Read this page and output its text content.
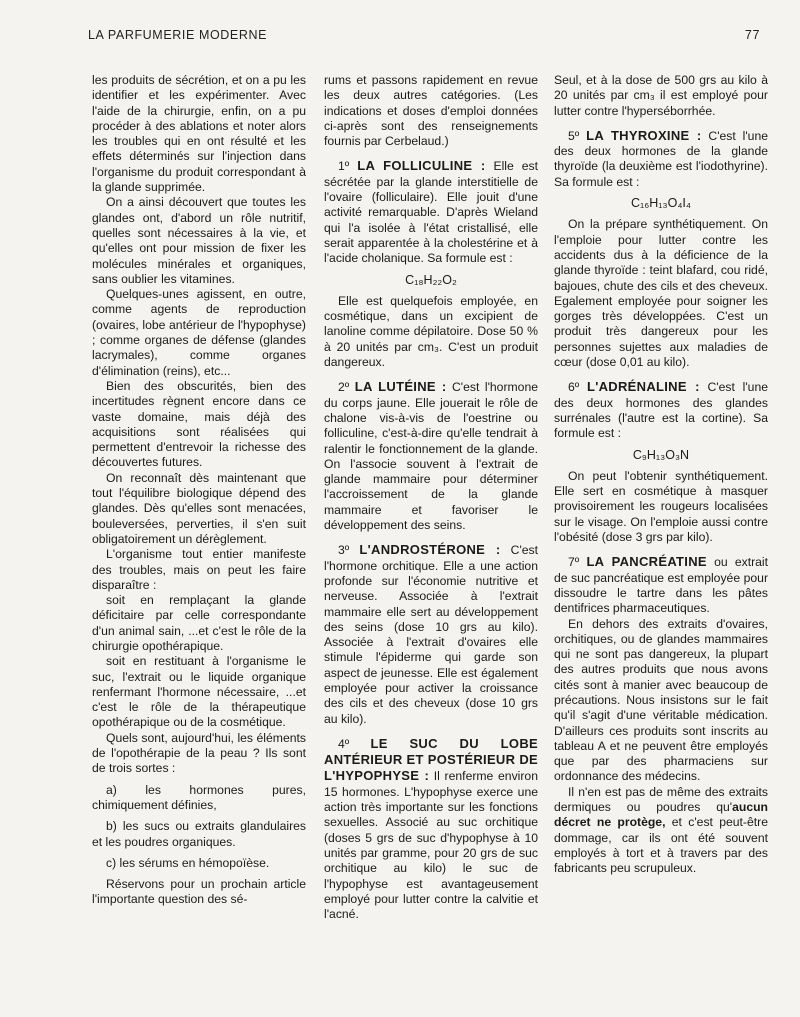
LA PARFUMERIE MODERNE	77

les produits de sécrétion, et on a pu les identifier et les expérimenter. Avec l'aide de la chirurgie, enfin, on a pu procéder à des ablations et noter alors les troubles qui en ont résulté et les effets déterminés sur l'injection dans l'organisme du produit correspondant à la glande supprimée.

On a ainsi découvert que toutes les glandes ont, d'abord un rôle nutritif, quelles sont nécessaires à la vie, et qu'elles ont pour mission de fixer les molécules minérales et organiques, sans oublier les vitamines.

Quelques-unes agissent, en outre, comme agents de reproduction (ovaires, lobe antérieur de l'hypophyse) ; comme organes de défense (glandes lacrymales), comme organes d'élimination (reins), etc...

Bien des obscurités, bien des incertitudes règnent encore dans ce vaste domaine, mais déjà des acquisitions sont réalisées qui permettent d'entrevoir la richesse des découvertes futures.

On reconnaît dès maintenant que tout l'équilibre biologique dépend des glandes. Dès qu'elles sont menacées, bouleversées, perverties, il s'en suit obligatoirement un dérèglement.

L'organisme tout entier manifeste des troubles, mais on peut les faire disparaître :

soit en remplaçant la glande déficitaire par celle correspondante d'un animal sain, ...et c'est le rôle de la chirurgie opothérapique.

soit en restituant à l'organisme le suc, l'extrait ou le liquide organique renfermant l'hormone nécessaire, ...et c'est le rôle de la thérapeutique opothérapique ou de la cosmétique.

Quels sont, aujourd'hui, les éléments de l'opothérapie de la peau ? Ils sont de trois sortes :

a) les hormones pures, chimiquement définies,

b) les sucs ou extraits glandulaires et les poudres organiques.

c) les sérums en hémopoïèse.

Réservons pour un prochain article l'importante question des sé-

rums et passons rapidement en revue les deux autres catégories. (Les indications et doses d'emploi données ci-après sont des renseignements fournis par Cerbelaud.)

1º LA FOLLICULINE : Elle est sécrétée par la glande interstitielle de l'ovaire (folliculaire). Elle jouit d'une activité remarquable. D'après Wieland qui l'a isolée à l'état cristallisé, elle serait apparentée à la cholestérine et à l'acide cholanique. Sa formule est :

C₁₈H₂₂O₂

Elle est quelquefois employée, en cosmétique, dans un excipient de lanoline comme dépilatoire. Dose 50 % à 20 unités par cm₃. C'est un produit dangereux.

2º LA LUTÉINE : C'est l'hormone du corps jaune. Elle jouerait le rôle de chalone vis-à-vis de l'oestrine ou folliculine, c'est-à-dire qu'elle tendrait à ralentir le fonctionnement de la glande. On l'associe souvent à l'extrait de glande mammaire pour déterminer l'accroissement de la glande mammaire et favoriser le développement des seins.

3º L'ANDROSTÉRONE : C'est l'hormone orchitique. Elle a une action profonde sur l'économie nutritive et nerveuse. Associée à l'extrait mammaire elle sert au développement des seins (dose 10 grs au kilo). Associée à l'extrait d'ovaires elle stimule l'épiderme qui garde son aspect de jeunesse. Elle est également employée pour activer la croissance des cils et des cheveux (dose 10 grs au kilo).

4º LE SUC DU LOBE ANTÉRIEUR ET POSTÉRIEUR DE L'HYPOPHYSE : Il renferme environ 15 hormones. L'hypophyse exerce une action très importante sur les fonctions sexuelles. Associé au suc orchitique (doses 5 grs de suc d'hypophyse à 10 unités par gramme, pour 20 grs de suc orchitique au kilo) le suc de l'hypophyse est avantageusement employé pour lutter contre la calvitie et l'acné.

Seul, et à la dose de 500 grs au kilo à 20 unités par cm₃ il est employé pour lutter contre l'hyperséborrhée.

5º LA THYROXINE : C'est l'une des deux hormones de la glande thyroïde (la deuxième est l'iodothyrine). Sa formule est :

C₁₆H₁₃O₄I₄

On la prépare synthétiquement. On l'emploie pour lutter contre les accidents dus à la déficience de la glande thyroïde : teint blafard, cou ridé, bajoues, chute des cils et des cheveux. Egalement employée pour soigner les gorges très développées. C'est un produit très dangereux pour les personnes sujettes aux maladies de cœur (dose 0,01 au kilo).

6º L'ADRÉNALINE : C'est l'une des deux hormones des glandes surrénales (l'autre est la cortine). Sa formule est :

C₉H₁₃O₃N

On peut l'obtenir synthétiquement. Elle sert en cosmétique à masquer provisoirement les rougeurs localisées sur le visage. On l'emploie aussi contre l'obésité (dose 3 grs par kilo).

7º LA PANCRÉATINE ou extrait de suc pancréatique est employée pour dissoudre le tartre dans les pâtes dentifrices pharmaceutiques.

En dehors des extraits d'ovaires, orchitiques, ou de glandes mammaires qui ne sont pas dangereux, la plupart des autres produits que nous avons cités sont à manier avec beaucoup de précautions. Nous insistons sur le fait qu'il s'agit d'une véritable médication. D'ailleurs ces produits sont inscrits au tableau A et ne peuvent être employés que par des pharmaciens sur ordonnance des médecins.

Il n'en est pas de même des extraits dermiques ou poudres qu'aucun décret ne protège, et c'est peut-être dommage, car ils ont été souvent employés à tort et à travers par des fabricants peu scrupuleux.
